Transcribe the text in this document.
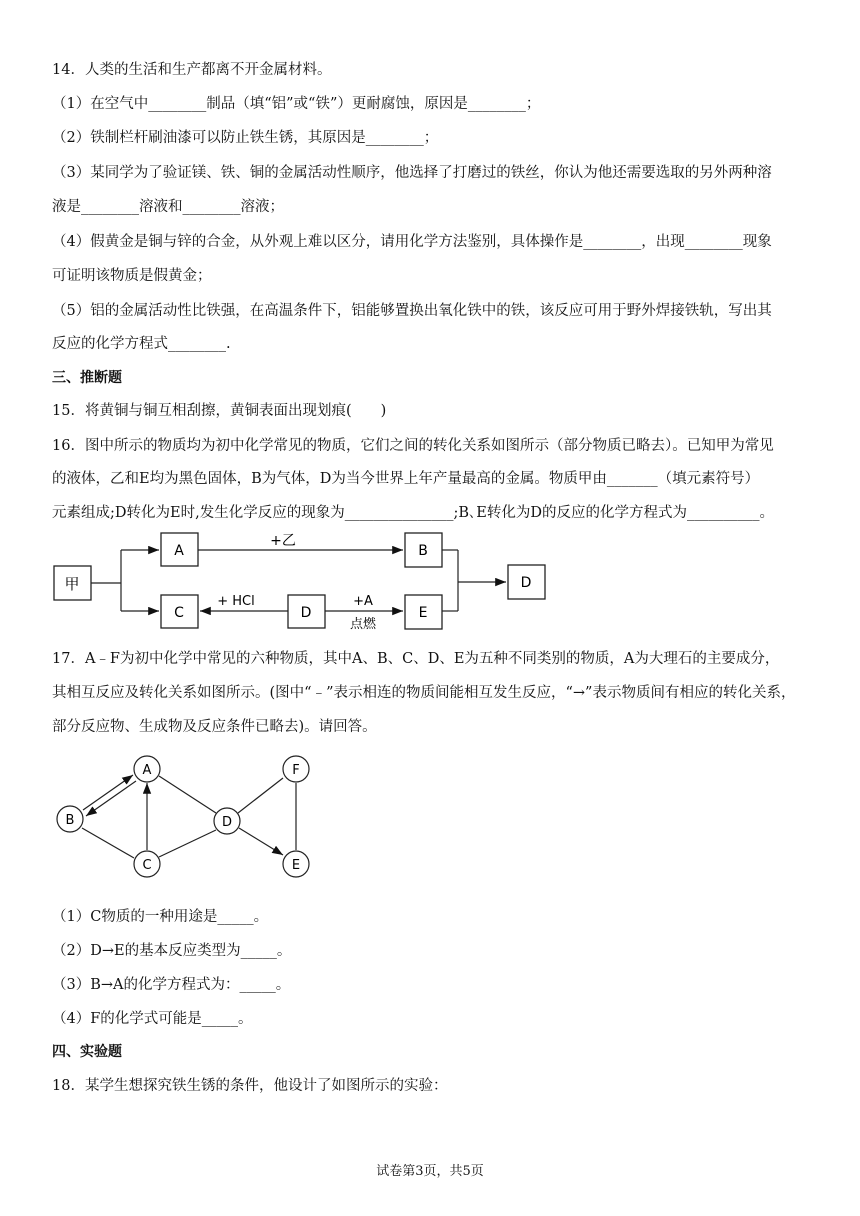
14．人类的生活和生产都离不开金属材料。
（1）在空气中________制品（填“铝”或“铁”）更耐腐蚀，原因是________；
（2）铁制栏杆刷油漆可以防止铁生锈，其原因是________；
（3）某同学为了验证镁、铁、铜的金属活动性顺序，他选择了打磨过的铁丝，你认为他还需要选取的另外两种溶
液是________溶液和________溶液；
（4）假黄金是铜与锌的合金，从外观上难以区分，请用化学方法鉴别，具体操作是________，出现________现象
可证明该物质是假黄金；
（5）铝的金属活动性比铁强，在高温条件下，铝能够置换出氧化铁中的铁，该反应可用于野外焊接铁轨，写出其
反应的化学方程式________.
三、推断题
15．将黄铜与铜互相刮擦，黄铜表面出现划痕(　　)
16．图中所示的物质均为初中化学常见的物质，它们之间的转化关系如图所示（部分物质已略去）。已知甲为常见
的液体，乙和E均为黑色固体，B为气体，D为当今世界上年产量最高的金属。物质甲由_______（填元素符号）
元素组成;D转化为E时,发生化学反应的现象为_______________;B､E转化为D的反应的化学方程式为__________。
甲
A
C
B
D	E
D
+乙
+ HCl	+A
点燃
17．A﹣F为初中化学中常见的六种物质，其中A、B、C、D、E为五种不同类别的物质，A为大理石的主要成分，
其相互反应及转化关系如图所示。(图中“﹣”表示相连的物质间能相互发生反应，“→”表示物质间有相应的转化关系，
部分反应物、生成物及反应条件已略去)。请回答。
A
B
C
D
F
E
（1）C物质的一种用途是_____。
（2）D→E的基本反应类型为_____。
（3）B→A的化学方程式为：_____。
（4）F的化学式可能是_____。
四、实验题
18．某学生想探究铁生锈的条件，他设计了如图所示的实验：
试卷第3页，共5页
